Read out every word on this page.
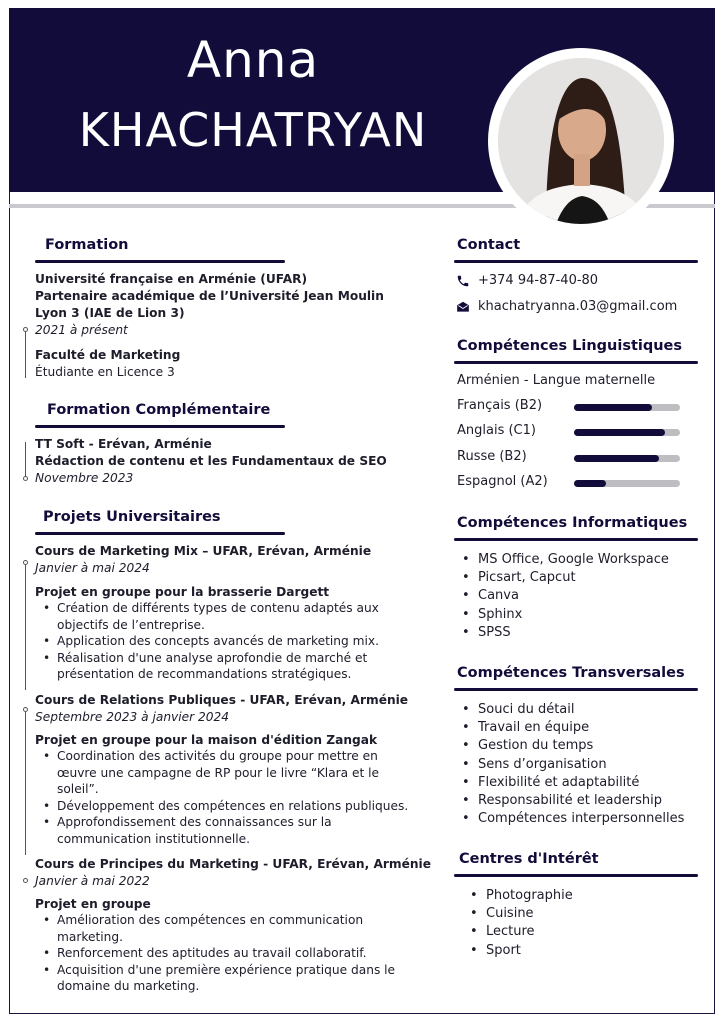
Anna
KHACHATRYAN
Formation
Université française en Arménie (UFAR)
Partenaire académique de l’Université Jean Moulin
Lyon 3 (IAE de Lion 3)
2021 à présent
Faculté de Marketing
Étudiante en Licence 3
Formation Complémentaire
TT Soft - Erévan, Arménie
Rédaction de contenu et les Fundamentaux de SEO
Novembre 2023
Projets Universitaires
Cours de Marketing Mix – UFAR, Erévan, Arménie
Janvier à mai 2024
Projet en groupe pour la brasserie Dargett
• Création de différents types de contenu adaptés aux objectifs de l’entreprise.
• Application des concepts avancés de marketing mix.
• Réalisation d'une analyse aprofondie de marché et présentation de recommandations stratégiques.
Cours de Relations Publiques - UFAR, Erévan, Arménie
Septembre 2023 à janvier 2024
Projet en groupe pour la maison d'édition Zangak
• Coordination des activités du groupe pour mettre en œuvre une campagne de RP pour le livre “Klara et le soleil”.
• Développement des compétences en relations publiques.
• Approfondissement des connaissances sur la communication institutionnelle.
Cours de Principes du Marketing - UFAR, Erévan, Arménie
Janvier à mai 2022
Projet en groupe
• Amélioration des compétences en communication marketing.
• Renforcement des aptitudes au travail collaboratif.
• Acquisition d'une première expérience pratique dans le domaine du marketing.
Contact
+374 94-87-40-80
khachatryanna.03@gmail.com
Compétences Linguistiques
Arménien - Langue maternelle
Français (B2)
Anglais (C1)
Russe (B2)
Espagnol (A2)
Compétences Informatiques
• MS Office, Google Workspace
• Picsart, Capcut
• Canva
• Sphinx
• SPSS
Compétences Transversales
• Souci du détail
• Travail en équipe
• Gestion du temps
• Sens d’organisation
• Flexibilité et adaptabilité
• Responsabilité et leadership
• Compétences interpersonnelles
Centres d'Intérêt
• Photographie
• Cuisine
• Lecture
• Sport
